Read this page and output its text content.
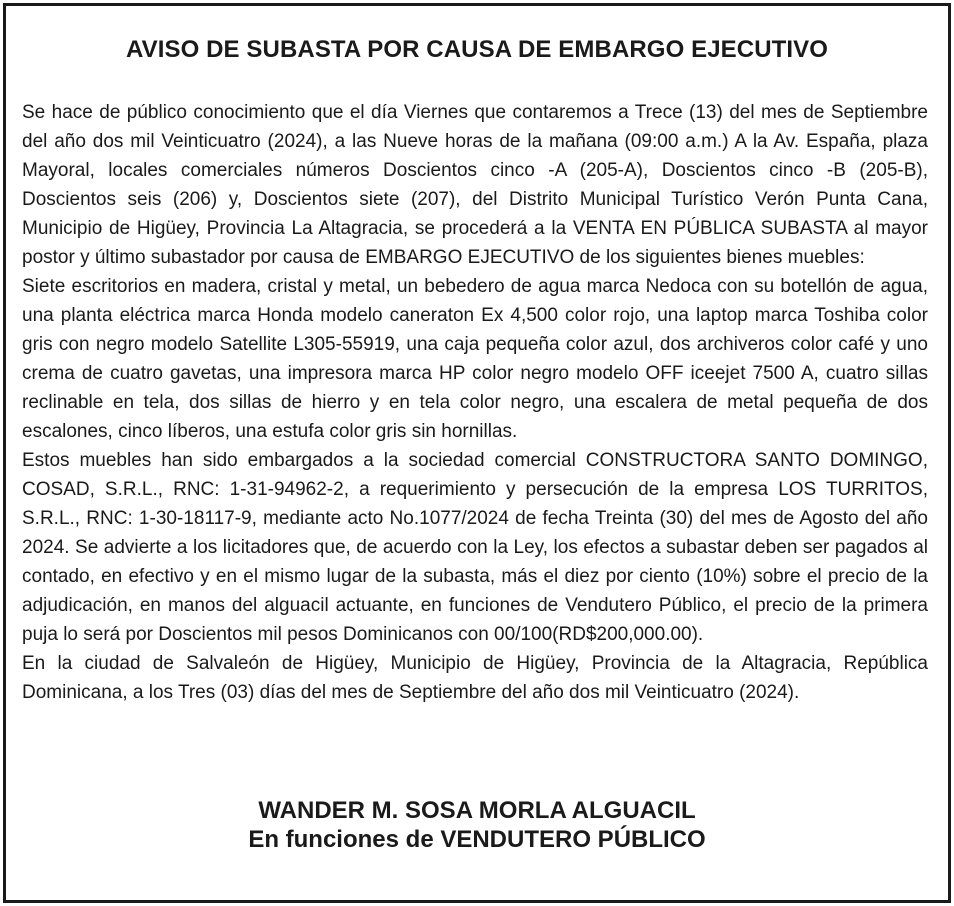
AVISO DE SUBASTA POR CAUSA DE EMBARGO EJECUTIVO

Se hace de público conocimiento que el día Viernes que contaremos a Trece (13) del mes de Septiembre del año dos mil Veinticuatro (2024), a las Nueve horas de la mañana (09:00 a.m.) A la Av. España, plaza Mayoral, locales comerciales números Doscientos cinco -A (205-A), Doscientos cinco -B (205-B), Doscientos seis (206) y, Doscientos siete (207), del Distrito Municipal Turístico Verón Punta Cana, Municipio de Higüey, Provincia La Altagracia, se procederá a la VENTA EN PÚBLICA SUBASTA al mayor postor y último subastador por causa de EMBARGO EJECUTIVO de los siguientes bienes muebles:

Siete escritorios en madera, cristal y metal, un bebedero de agua marca Nedoca con su botellón de agua, una planta eléctrica marca Honda modelo caneraton Ex 4,500 color rojo, una laptop marca Toshiba color gris con negro modelo Satellite L305-55919, una caja pequeña color azul, dos archiveros color café y uno crema de cuatro gavetas, una impresora marca HP color negro modelo OFF iceejet 7500 A, cuatro sillas reclinable en tela, dos sillas de hierro y en tela color negro, una escalera de metal pequeña de dos escalones, cinco líberos, una estufa color gris sin hornillas.

Estos muebles han sido embargados a la sociedad comercial CONSTRUCTORA SANTO DOMINGO, COSAD, S.R.L., RNC: 1-31-94962-2, a requerimiento y persecución de la empresa LOS TURRITOS, S.R.L., RNC: 1-30-18117-9, mediante acto No.1077/2024 de fecha Treinta (30) del mes de Agosto del año 2024. Se advierte a los licitadores que, de acuerdo con la Ley, los efectos a subastar deben ser pagados al contado, en efectivo y en el mismo lugar de la subasta, más el diez por ciento (10%) sobre el precio de la adjudicación, en manos del alguacil actuante, en funciones de Vendutero Público, el precio de la primera puja lo será por Doscientos mil pesos Dominicanos con 00/100(RD$200,000.00).

En la ciudad de Salvaleón de Higüey, Municipio de Higüey, Provincia de la Altagracia, República Dominicana, a los Tres (03) días del mes de Septiembre del año dos mil Veinticuatro (2024).

WANDER M. SOSA MORLA ALGUACIL
En funciones de VENDUTERO PÚBLICO
